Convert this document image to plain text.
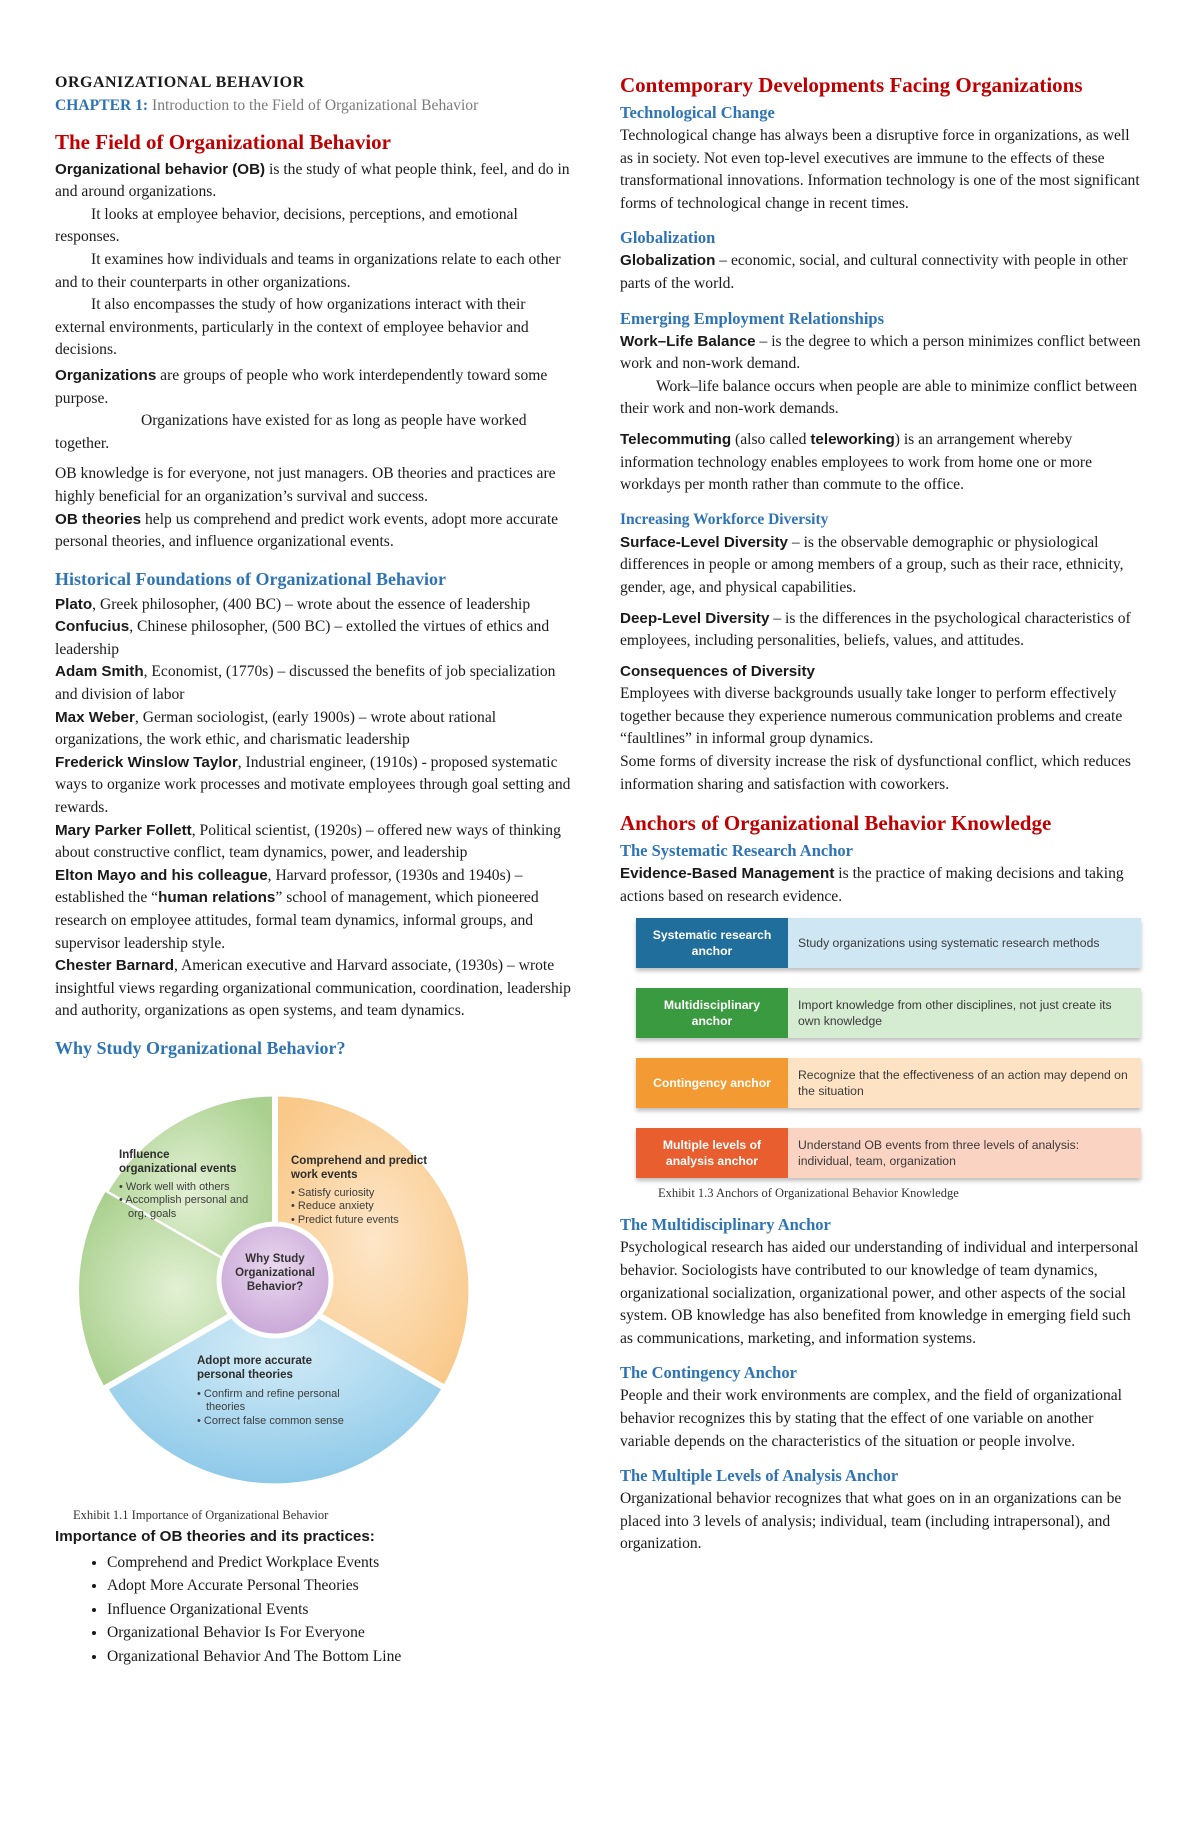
ORGANIZATIONAL BEHAVIOR

CHAPTER 1: Introduction to the Field of Organizational Behavior

The Field of Organizational Behavior

Organizational behavior (OB) is the study of what people think, feel, and do in and around organizations.

It looks at employee behavior, decisions, perceptions, and emotional responses.

It examines how individuals and teams in organizations relate to each other and to their counterparts in other organizations.

It also encompasses the study of how organizations interact with their external environments, particularly in the context of employee behavior and decisions.

Organizations are groups of people who work interdependently toward some purpose.

Organizations have existed for as long as people have worked together.

OB knowledge is for everyone, not just managers. OB theories and practices are highly beneficial for an organization’s survival and success.

OB theories help us comprehend and predict work events, adopt more accurate personal theories, and influence organizational events.

Historical Foundations of Organizational Behavior

Plato, Greek philosopher, (400 BC) – wrote about the essence of leadership

Confucius, Chinese philosopher, (500 BC) – extolled the virtues of ethics and leadership

Adam Smith, Economist, (1770s) – discussed the benefits of job specialization and division of labor

Max Weber, German sociologist, (early 1900s) – wrote about rational organizations, the work ethic, and charismatic leadership

Frederick Winslow Taylor, Industrial engineer, (1910s) - proposed systematic ways to organize work processes and motivate employees through goal setting and rewards.

Mary Parker Follett, Political scientist, (1920s) – offered new ways of thinking about constructive conflict, team dynamics, power, and leadership

Elton Mayo and his colleague, Harvard professor, (1930s and 1940s) – established the “human relations” school of management, which pioneered research on employee attitudes, formal team dynamics, informal groups, and supervisor leadership style.

Chester Barnard, American executive and Harvard associate, (1930s) – wrote insightful views regarding organizational communication, coordination, leadership and authority, organizations as open systems, and team dynamics.

Why Study Organizational Behavior?
Why Study Organizational Behavior?
Influence organizational events
• Work well with others
• Accomplish personal and org. goals
Comprehend and predict work events
• Satisfy curiosity
• Reduce anxiety
• Predict future events
Adopt more accurate personal theories
• Confirm and refine personal theories
• Correct false common sense

Exhibit 1.1 Importance of Organizational Behavior

Importance of OB theories and its practices:

• Comprehend and Predict Workplace Events
• Adopt More Accurate Personal Theories
• Influence Organizational Events
• Organizational Behavior Is For Everyone
• Organizational Behavior And The Bottom Line
Contemporary Developments Facing Organizations
Technological Change

Technological change has always been a disruptive force in organizations, as well as in society. Not even top-level executives are immune to the effects of these transformational innovations. Information technology is one of the most significant forms of technological change in recent times.

Globalization

Globalization – economic, social, and cultural connectivity with people in other parts of the world.

Emerging Employment Relationships

Work–Life Balance – is the degree to which a person minimizes conflict between work and non-work demand.

Work–life balance occurs when people are able to minimize conflict between their work and non-work demands.

Telecommuting (also called teleworking) is an arrangement whereby information technology enables employees to work from home one or more workdays per month rather than commute to the office.

Increasing Workforce Diversity

Surface-Level Diversity – is the observable demographic or physiological differences in people or among members of a group, such as their race, ethnicity, gender, age, and physical capabilities.

Deep-Level Diversity – is the differences in the psychological characteristics of employees, including personalities, beliefs, values, and attitudes.

Consequences of Diversity

Employees with diverse backgrounds usually take longer to perform effectively together because they experience numerous communication problems and create “faultlines” in informal group dynamics.

Some forms of diversity increase the risk of dysfunctional conflict, which reduces information sharing and satisfaction with coworkers.

Anchors of Organizational Behavior Knowledge
The Systematic Research Anchor

Evidence-Based Management is the practice of making decisions and taking actions based on research evidence.

Systematic research anchor
Study organizations using systematic research methods
Multidisciplinary anchor
Import knowledge from other disciplines, not just create its own knowledge
Contingency anchor
Recognize that the effectiveness of an action may depend on the situation
Multiple levels of analysis anchor
Understand OB events from three levels of analysis: individual, team, organization

Exhibit 1.3 Anchors of Organizational Behavior Knowledge

The Multidisciplinary Anchor

Psychological research has aided our understanding of individual and interpersonal behavior. Sociologists have contributed to our knowledge of team dynamics, organizational socialization, organizational power, and other aspects of the social system. OB knowledge has also benefited from knowledge in emerging field such as communications, marketing, and information systems.

The Contingency Anchor

People and their work environments are complex, and the field of organizational behavior recognizes this by stating that the effect of one variable on another variable depends on the characteristics of the situation or people involve.

The Multiple Levels of Analysis Anchor

Organizational behavior recognizes that what goes on in an organizations can be placed into 3 levels of analysis; individual, team (including intrapersonal), and organization.
